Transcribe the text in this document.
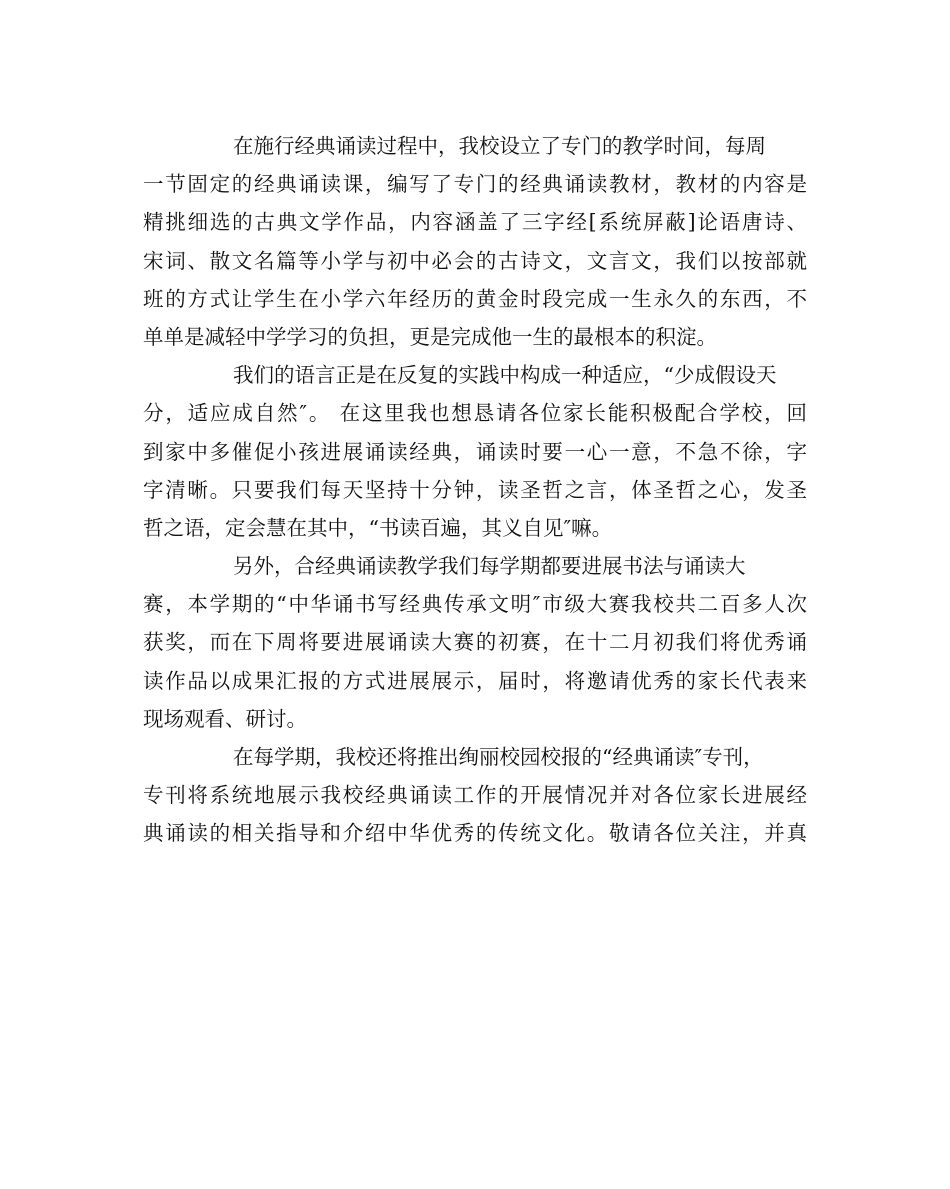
在施行经典诵读过程中，我校设立了专门的教学时间，每周
一节固定的经典诵读课，编写了专门的经典诵读教材，教材的内容是
精挑细选的古典文学作品，内容涵盖了三字经[系统屏蔽]论语唐诗、
宋词、散文名篇等小学与初中必会的古诗文，文言文，我们以按部就
班的方式让学生在小学六年经历的黄金时段完成一生永久的东西，不
单单是减轻中学学习的负担，更是完成他一生的最根本的积淀。
我们的语言正是在反复的实践中构成一种适应，“少成假设天
分，适应成自然″。 在这里我也想恳请各位家长能积极配合学校，回
到家中多催促小孩进展诵读经典，诵读时要一心一意，不急不徐，字
字清晰。只要我们每天坚持十分钟，读圣哲之言，体圣哲之心，发圣
哲之语，定会慧在其中，“书读百遍，其义自见″嘛。
另外，合经典诵读教学我们每学期都要进展书法与诵读大
赛，本学期的“中华诵书写经典传承文明″市级大赛我校共二百多人次
获奖，而在下周将要进展诵读大赛的初赛，在十二月初我们将优秀诵
读作品以成果汇报的方式进展展示，届时，将邀请优秀的家长代表来
现场观看、研讨。
在每学期，我校还将推出绚丽校园校报的“经典诵读″专刊，
专刊将系统地展示我校经典诵读工作的开展情况并对各位家长进展经
典诵读的相关指导和介绍中华优秀的传统文化。敬请各位关注，并真
